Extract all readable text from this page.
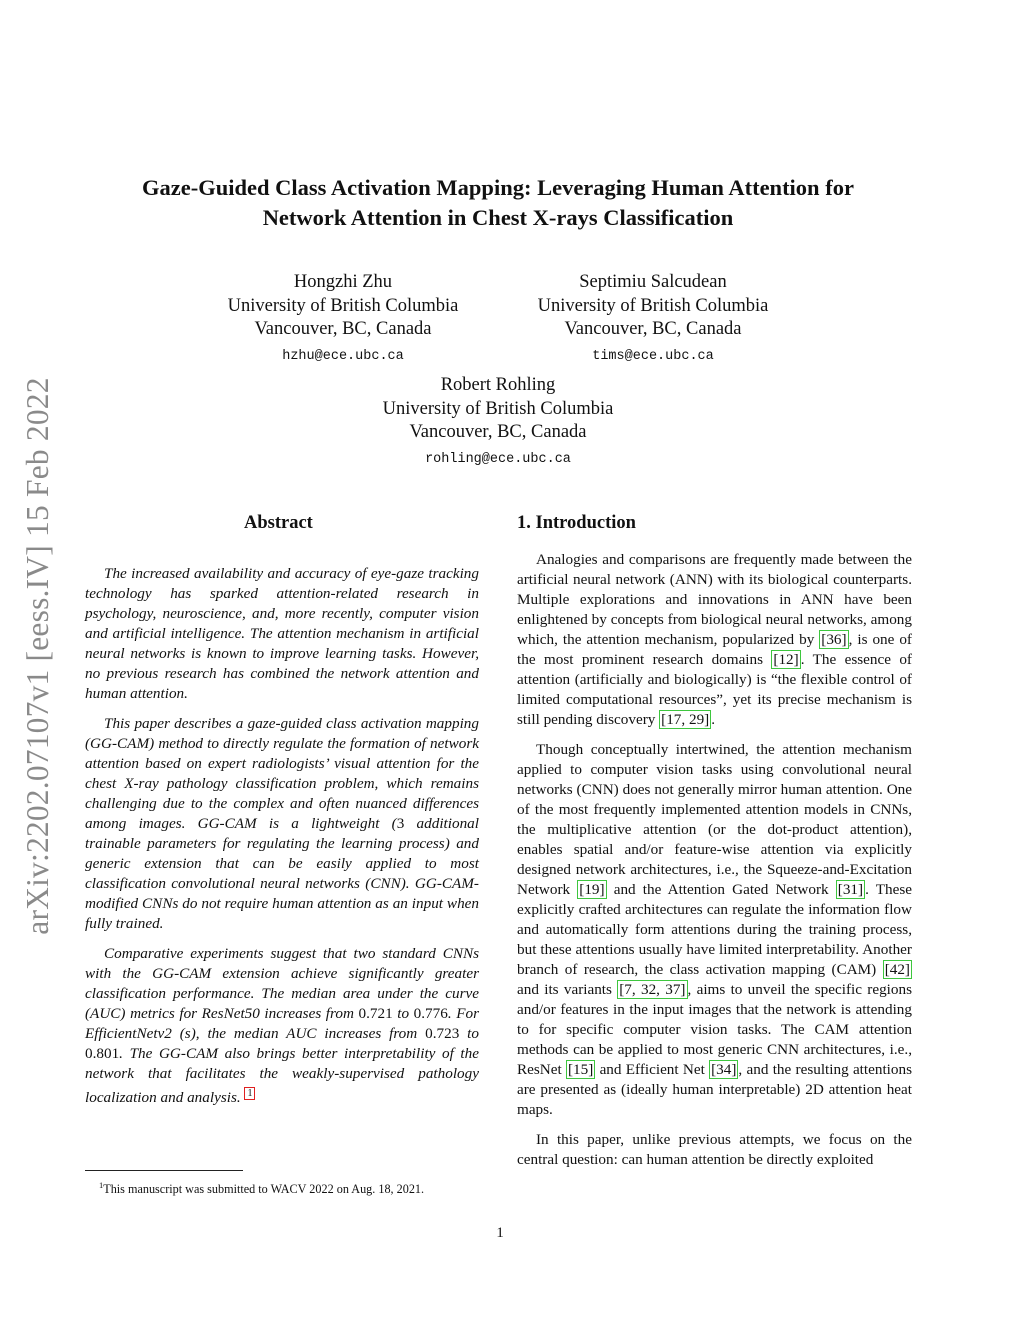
arXiv:2202.07107v1 [eess.IV] 15 Feb 2022
Gaze-Guided Class Activation Mapping: Leveraging Human Attention for
Network Attention in Chest X-rays Classification
Hongzhi Zhu
University of British Columbia
Vancouver, BC, Canada
hzhu@ece.ubc.ca
Septimiu Salcudean
University of British Columbia
Vancouver, BC, Canada
tims@ece.ubc.ca
Robert Rohling
University of British Columbia
Vancouver, BC, Canada
rohling@ece.ubc.ca
Abstract	1. Introduction

The increased availability and accuracy of eye-gaze tracking technology has sparked attention-related research in psychology, neuroscience, and, more recently, computer vision and artificial intelligence. The attention mechanism in artificial neural networks is known to improve learning tasks. However, no previous research has combined the network attention and human attention.

This paper describes a gaze-guided class activation mapping (GG-CAM) method to directly regulate the formation of network attention based on expert radiologists’ visual attention for the chest X-ray pathology classification problem, which remains challenging due to the complex and often nuanced differences among images. GG-CAM is a lightweight (3 additional trainable parameters for regulating the learning process) and generic extension that can be easily applied to most classification convolutional neural networks (CNN). GG-CAM-modified CNNs do not require human attention as an input when fully trained.

Comparative experiments suggest that two standard CNNs with the GG-CAM extension achieve significantly greater classification performance. The median area under the curve (AUC) metrics for ResNet50 increases from 0.721 to 0.776. For EfficientNetv2 (s), the median AUC increases from 0.723 to 0.801. The GG-CAM also brings better interpretability of the network that facilitates the weakly-supervised pathology localization and analysis. $^1$

Analogies and comparisons are frequently made between the artificial neural network (ANN) with its biological counterparts. Multiple explorations and innovations in ANN have been enlightened by concepts from biological neural networks, among which, the attention mechanism, popularized by [36] , is one of the most prominent research domains [12] . The essence of attention (artificially and biologically) is “the flexible control of limited computational resources”, yet its precise mechanism is still pending discovery [17, 29] .

Though conceptually intertwined, the attention mechanism applied to computer vision tasks using convolutional neural networks (CNN) does not generally mirror human attention. One of the most frequently implemented attention models in CNNs, the multiplicative attention (or the dot-product attention), enables spatial and/or feature-wise attention via explicitly designed network architectures, i.e., the Squeeze-and-Excitation Network [19] and the Attention Gated Network [31] . These explicitly crafted architectures can regulate the information flow and automatically form attentions during the training process, but these attentions usually have limited interpretability. Another branch of research, the class activation mapping (CAM) [42] and its variants [7, 32, 37] , aims to unveil the specific regions and/or features in the input images that the network is attending to for specific computer vision tasks. The CAM attention methods can be applied to most generic CNN architectures, i.e., ResNet [15] and Efficient Net [34] , and the resulting attentions are presented as (ideally human interpretable) 2D attention heat maps.

In this paper, unlike previous attempts, we focus on the central question: can human attention be directly exploited

$^1$This manuscript was submitted to WACV 2022 on Aug. 18, 2021.
1
